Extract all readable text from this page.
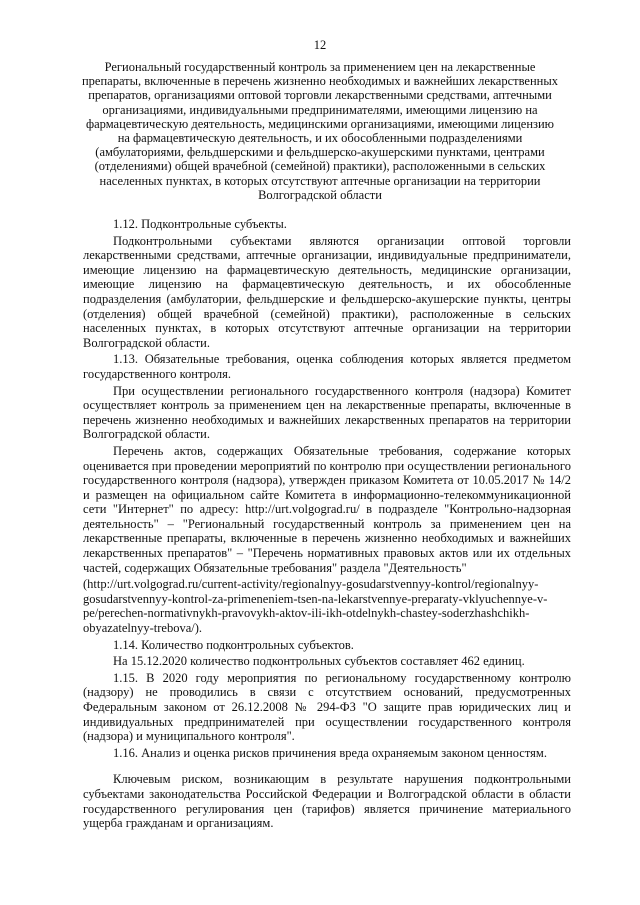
12
Региональный государственный контроль за применением цен на лекарственные препараты, включенные в перечень жизненно необходимых и важнейших лекарственных препаратов, организациями оптовой торговли лекарственными средствами, аптечными организациями, индивидуальными предпринимателями, имеющими лицензию на фармацевтическую деятельность, медицинскими организациями, имеющими лицензию на фармацевтическую деятельность, и их обособленными подразделениями (амбулаториями, фельдшерскими и фельдшерско-акушерскими пунктами, центрами (отделениями) общей врачебной (семейной) практики), расположенными в сельских населенных пунктах, в которых отсутствуют аптечные организации на территории Волгоградской области

1.12. Подконтрольные субъекты.

Подконтрольными субъектами являются организации оптовой торговли лекарственными средствами, аптечные организации, индивидуальные предприниматели, имеющие лицензию на фармацевтическую деятельность, медицинские организации, имеющие лицензию на фармацевтическую деятельность, и их обособленные подразделения (амбулатории, фельдшерские и фельдшерско-акушерские пункты, центры (отделения) общей врачебной (семейной) практики), расположенные в сельских населенных пунктах, в которых отсутствуют аптечные организации на территории Волгоградской области.

1.13. Обязательные требования, оценка соблюдения которых является предметом государственного контроля.

При осуществлении регионального государственного контроля (надзора) Комитет осуществляет контроль за применением цен на лекарственные препараты, включенные в перечень жизненно необходимых и важнейших лекарственных препаратов на территории Волгоградской области.

Перечень актов, содержащих Обязательные требования, содержание которых оценивается при проведении мероприятий по контролю при осуществлении регионального государственного контроля (надзора), утвержден приказом Комитета от 10.05.2017 № 14/2 и размещен на официальном сайте Комитета в информационно-телекоммуникационной сети "Интернет" по адресу: http://urt.volgograd.ru/ в подразделе "Контрольно-надзорная деятельность" – "Региональный государственный контроль за применением цен на лекарственные препараты, включенные в перечень жизненно необходимых и важнейших лекарственных препаратов" – "Перечень нормативных правовых актов или их отдельных частей, содержащих Обязательные требования" раздела "Деятельность"

(http://urt.volgograd.ru/current-activity/regionalnyy-gosudarstvennyy-kontrol/regionalnyy-gosudarstvennyy-kontrol-za-primeneniem-tsen-na-lekarstvennye-preparaty-vklyuchennye-v-pe/perechen-normativnykh-pravovykh-aktov-ili-ikh-otdelnykh-chastey-soderzhashchikh-obyazatelnyy-trebova/).

1.14. Количество подконтрольных субъектов.

На 15.12.2020 количество подконтрольных субъектов составляет 462 единиц.

1.15. В 2020 году мероприятия по региональному государственному контролю (надзору) не проводились в связи с отсутствием оснований, предусмотренных Федеральным законом от 26.12.2008 № 294-ФЗ "О защите прав юридических лиц и индивидуальных предпринимателей при осуществлении государственного контроля (надзора) и муниципального контроля".

1.16. Анализ и оценка рисков причинения вреда охраняемым законом ценностям.

Ключевым риском, возникающим в результате нарушения подконтрольными субъектами законодательства Российской Федерации и Волгоградской области в области государственного регулирования цен (тарифов) является причинение материального ущерба гражданам и организациям.
